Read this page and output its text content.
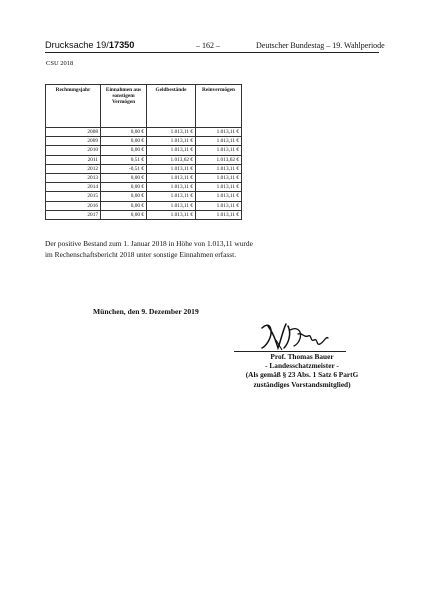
Drucksache 19/17350	– 162 –	Deutscher Bundestag – 19. Wahlperiode
CSU 2018
Rechnungsjahr	Einnahmen aus sonstigem Vermögen	Geldbestände	Reinvermögen
2008	0,00 €	1.013,11 €	1.013,11 €
2009	0,00 €	1.013,11 €	1.013,11 €
2010	0,00 €	1.013,11 €	1.013,11 €
2011	0,51 €	1.013,62 €	1.013,62 €
2012	-0,51 €	1.013,11 €	1.013,11 €
2013	0,00 €	1.013,11 €	1.013,11 €
2014	0,00 €	1.013,11 €	1.013,11 €
2015	0,00 €	1.013,11 €	1.013,11 €
2016	0,00 €	1.013,11 €	1.013,11 €
2017	0,00 €	1.013,11 €	1.013,11 €
Der positive Bestand zum 1. Januar 2018 in Höhe von 1.013,11 wurde
im Rechenschaftsbericht 2018 unter sonstige Einnahmen erfasst.
München, den 9. Dezember 2019
Prof. Thomas Bauer
- Landesschatzmeister -
(Als gemäß § 23 Abs. 1 Satz 6 PartG
zuständiges Vorstandsmitglied)
